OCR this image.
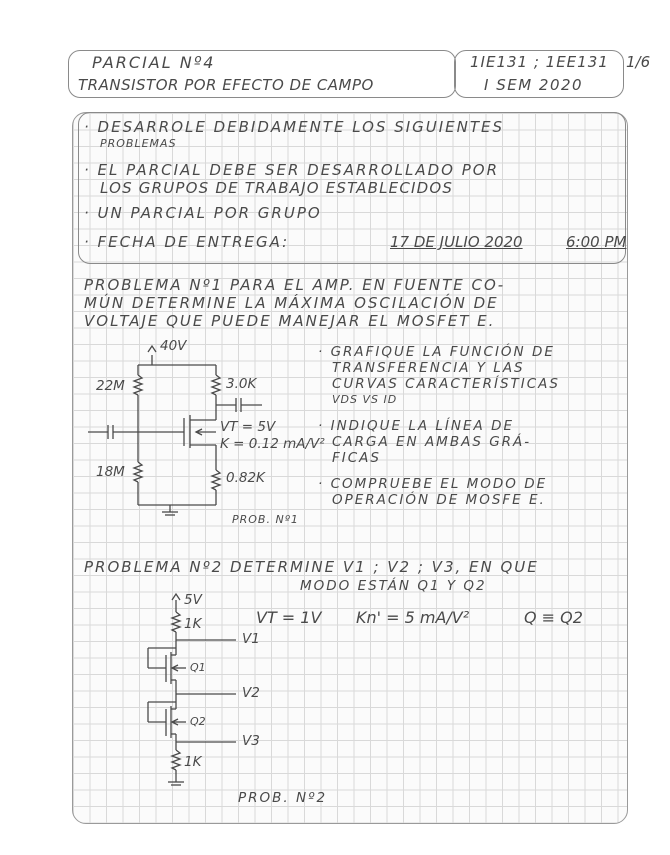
PARCIAL Nº4
TRANSISTOR POR EFECTO DE CAMPO
1IE131 ; 1EE131
I SEM 2020
1/6
· DESARROLE DEBIDAMENTE LOS SIGUIENTES
PROBLEMAS
· EL PARCIAL DEBE SER DESARROLLADO POR
LOS GRUPOS DE TRABAJO ESTABLECIDOS
· UN PARCIAL POR GRUPO
· FECHA DE ENTREGA:	17 DE JULIO 2020	6:00 PM
PROBLEMA Nº1 PARA EL AMP. EN FUENTE CO-
MÚN DETERMINE LA MÁXIMA OSCILACIÓN DE
VOLTAJE QUE PUEDE MANEJAR EL MOSFET E.
40V
22M
18M
3.0K
0.82K
VT = 5V
K = 0.12 mA/V²
· GRAFIQUE LA FUNCIÓN DE
TRANSFERENCIA Y LAS
CURVAS CARACTERÍSTICAS
VDS VS ID
· INDIQUE LA LÍNEA DE
CARGA EN AMBAS GRÁ-
FICAS
· COMPRUEBE EL MODO DE
OPERACIÓN DE MOSFE E.
PROB. Nº1
PROBLEMA Nº2 DETERMINE V1 ; V2 ; V3, EN QUE
MODO ESTÁN Q1 Y Q2
VT = 1V Kn' = 5 mA/V²	Q ≡ Q2
5V
1K
V1
Q1
V2
Q2
V3
1K
PROB. Nº2
